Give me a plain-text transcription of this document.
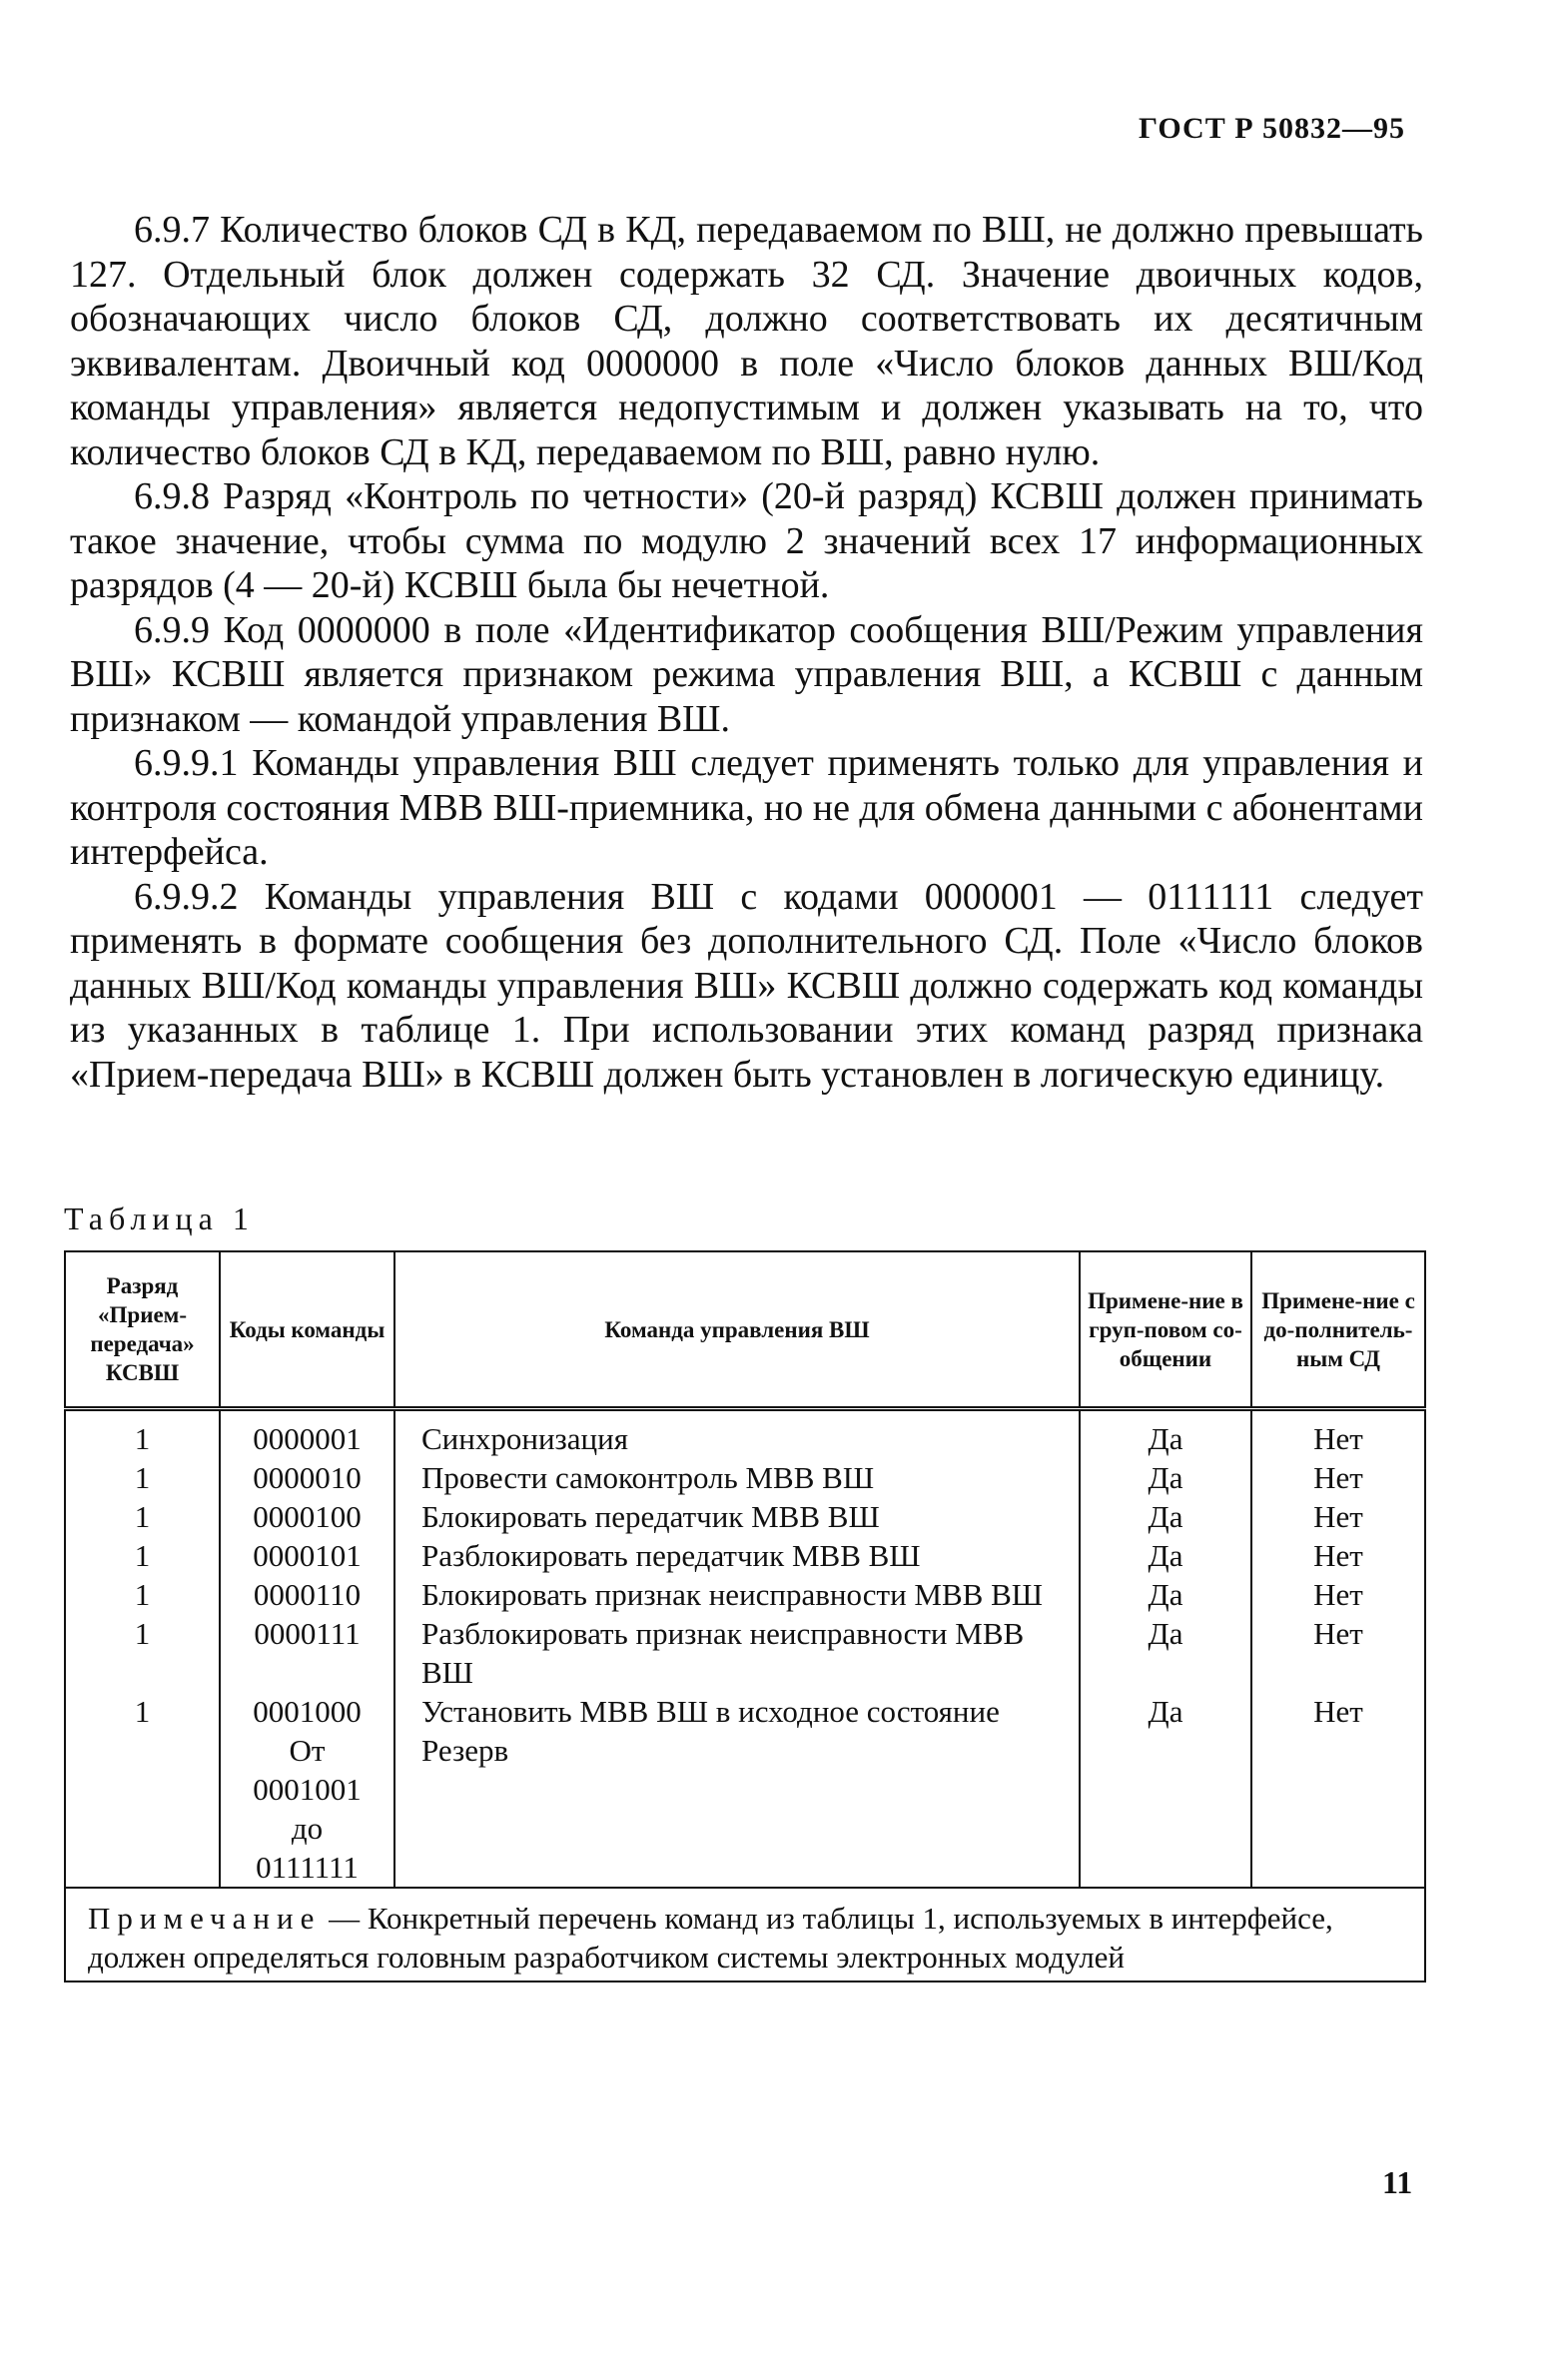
ГОСТ Р 50832—95

6.9.7 Количество блоков СД в КД, передаваемом по ВШ, не должно превышать 127. Отдельный блок должен содержать 32 СД. Значение двоичных кодов, обозначающих число блоков СД, должно соответствовать их десятичным эквивалентам. Двоичный код 0000000 в поле «Число блоков данных ВШ/Код команды управления» является недопустимым и должен указывать на то, что количество блоков СД в КД, передаваемом по ВШ, равно нулю.

6.9.8 Разряд «Контроль по четности» (20-й разряд) КСВШ должен принимать такое значение, чтобы сумма по модулю 2 значений всех 17 информационных разрядов (4 — 20-й) КСВШ была бы нечетной.

6.9.9 Код 0000000 в поле «Идентификатор сообщения ВШ/Режим управления ВШ» КСВШ является признаком режима управления ВШ, а КСВШ с данным признаком — командой управления ВШ.

6.9.9.1 Команды управления ВШ следует применять только для управления и контроля состояния МВВ ВШ-приемника, но не для обмена данными с абонентами интерфейса.

6.9.9.2 Команды управления ВШ с кодами 0000001 — 0111111 следует применять в формате сообщения без дополнительного СД. Поле «Число блоков данных ВШ/Код команды управления ВШ» КСВШ должно содержать код команды из указанных в таблице 1. При использовании этих команд разряд признака «Прием-передача ВШ» в КСВШ должен быть установлен в логическую единицу.

Таблица 1
Разряд «Прием-передача» КСВШ	Коды команды	Команда управления ВШ	Примене-ние в груп-повом со-общении	Примене-ние с до-полнитель-ным СД
1	0000001	Синхронизация	Да	Нет
1	0000010	Провести самоконтроль МВВ ВШ	Да	Нет
1	0000100	Блокировать передатчик МВВ ВШ	Да	Нет
1	0000101	Разблокировать передатчик МВВ ВШ	Да	Нет
1	0000110	Блокировать признак неисправности МВВ ВШ	Да	Нет
1	0000111	Разблокировать признак неисправности МВВ ВШ	Да	Нет
1	0001000	Установить МВВ ВШ в исходное состояние	Да	Нет
	От 0001001 до 0111111	Резерв		
Примечание — Конкретный перечень команд из таблицы 1, используемых в интерфейсе, должен определяться головным разработчиком системы электронных модулей				
11
